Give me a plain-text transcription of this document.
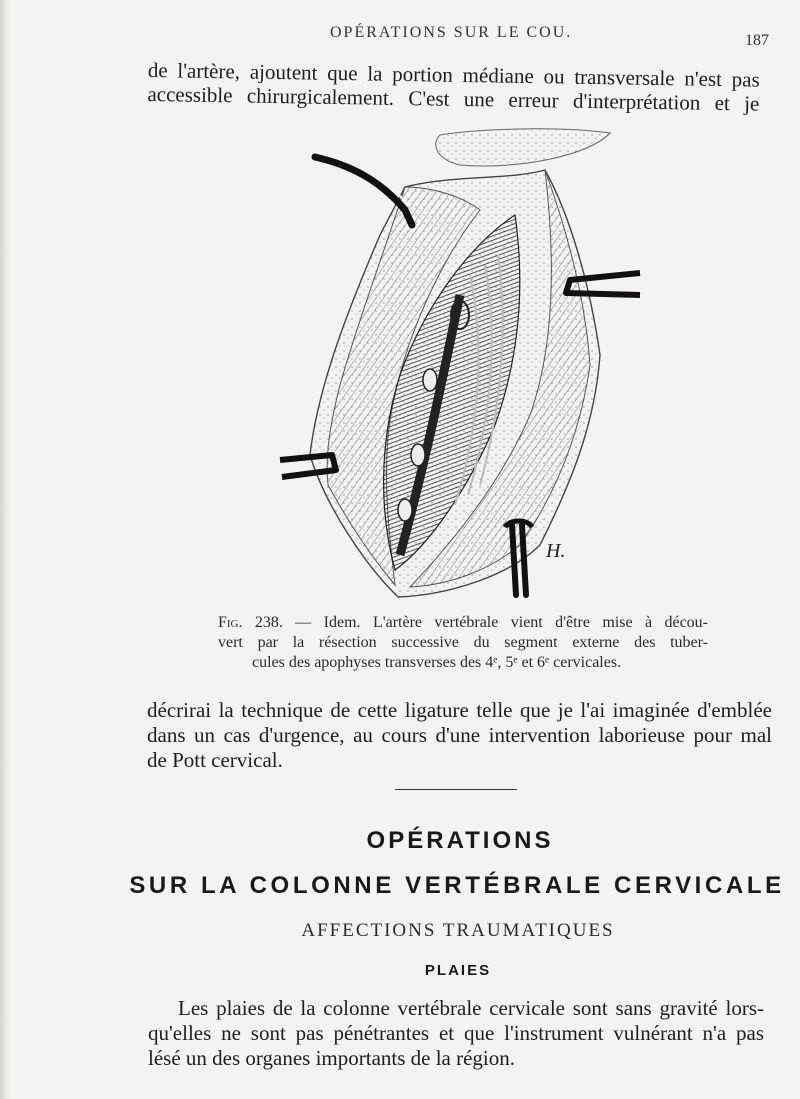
OPÉRATIONS SUR LE COU.	187
de l'artère, ajoutent que la portion médiane ou transversale n'est pas
accessible chirurgicalement. C'est une erreur d'interprétation et je
H.
Fig. 238. — Idem. L'artère vertébrale vient d'être mise à décou-
vert par la résection successive du segment externe des tuber-
cules des apophyses transverses des 4ᵉ, 5ᵉ et 6ᵉ cervicales.
décrirai la technique de cette ligature telle que je l'ai imaginée d'emblée
dans un cas d'urgence, au cours d'une intervention laborieuse pour mal
de Pott cervical.
OPÉRATIONS
SUR LA COLONNE VERTÉBRALE CERVICALE
AFFECTIONS TRAUMATIQUES
PLAIES
Les plaies de la colonne vertébrale cervicale sont sans gravité lors-
qu'elles ne sont pas pénétrantes et que l'instrument vulnérant n'a pas
lésé un des organes importants de la région.
